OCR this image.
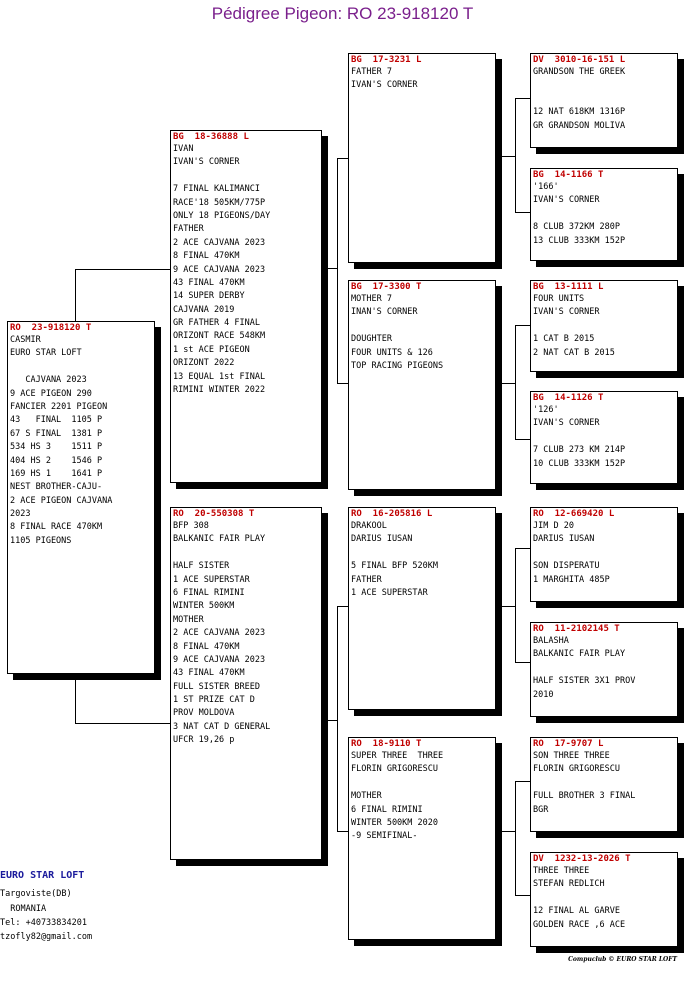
Pédigree Pigeon: RO 23-918120 T
RO  23-918120 T
CASMIR
EURO STAR LOFT
CAJVANA 2023
9 ACE PIGEON 290
FANCIER 2201 PIGEON
43   FINAL  1105 P
67 S FINAL  1381 P
534 HS 3    1511 P
404 HS 2    1546 P
169 HS 1    1641 P
NEST BROTHER-CAJU-
2 ACE PIGEON CAJVANA
2023
8 FINAL RACE 470KM
1105 PIGEONS
BG  18-36888 L
IVAN
IVAN'S CORNER
7 FINAL KALIMANCI
RACE'18 505KM/775P
ONLY 18 PIGEONS/DAY
FATHER
2 ACE CAJVANA 2023
8 FINAL 470KM
9 ACE CAJVANA 2023
43 FINAL 470KM
14 SUPER DERBY
CAJVANA 2019
GR FATHER 4 FINAL
ORIZONT RACE 548KM
1 st ACE PIGEON
ORIZONT 2022
13 EQUAL 1st FINAL
RIMINI WINTER 2022
RO  20-550308 T
BFP 308
BALKANIC FAIR PLAY
HALF SISTER
1 ACE SUPERSTAR
6 FINAL RIMINI
WINTER 500KM
MOTHER
2 ACE CAJVANA 2023
8 FINAL 470KM
9 ACE CAJVANA 2023
43 FINAL 470KM
FULL SISTER BREED
1 ST PRIZE CAT D
PROV MOLDOVA
3 NAT CAT D GENERAL
UFCR 19,26 p
BG  17-3231 L
FATHER 7
IVAN'S CORNER
BG  17-3300 T
MOTHER 7
INAN'S CORNER
DOUGHTER
FOUR UNITS & 126
TOP RACING PIGEONS
RO  16-205816 L
DRAKOOL
DARIUS IUSAN
5 FINAL BFP 520KM
FATHER
1 ACE SUPERSTAR
RO  18-9110 T
SUPER THREE  THREE
FLORIN GRIGORESCU
MOTHER
6 FINAL RIMINI
WINTER 500KM 2020
-9 SEMIFINAL-
DV  3010-16-151 L
GRANDSON THE GREEK
12 NAT 618KM 1316P
GR GRANDSON MOLIVA
BG  14-1166 T
'166'
IVAN'S CORNER
8 CLUB 372KM 280P
13 CLUB 333KM 152P
BG  13-1111 L
FOUR UNITS
IVAN'S CORNER
1 CAT B 2015
2 NAT CAT B 2015
BG  14-1126 T
'126'
IVAN'S CORNER
7 CLUB 273 KM 214P
10 CLUB 333KM 152P
RO  12-669420 L
JIM D 20
DARIUS IUSAN
SON DISPERATU
1 MARGHITA 485P
RO  11-2102145 T
BALASHA
BALKANIC FAIR PLAY
HALF SISTER 3X1 PROV
2010
RO  17-9707 L
SON THREE THREE
FLORIN GRIGORESCU
FULL BROTHER 3 FINAL
BGR
DV  1232-13-2026 T
THREE THREE
STEFAN REDLICH
12 FINAL AL GARVE
GOLDEN RACE ,6 ACE
EURO STAR LOFT
Targoviste(DB)
ROMANIA
Tel: +40733834201
tzofly82@gmail.com
Compuclub © EURO STAR LOFT
